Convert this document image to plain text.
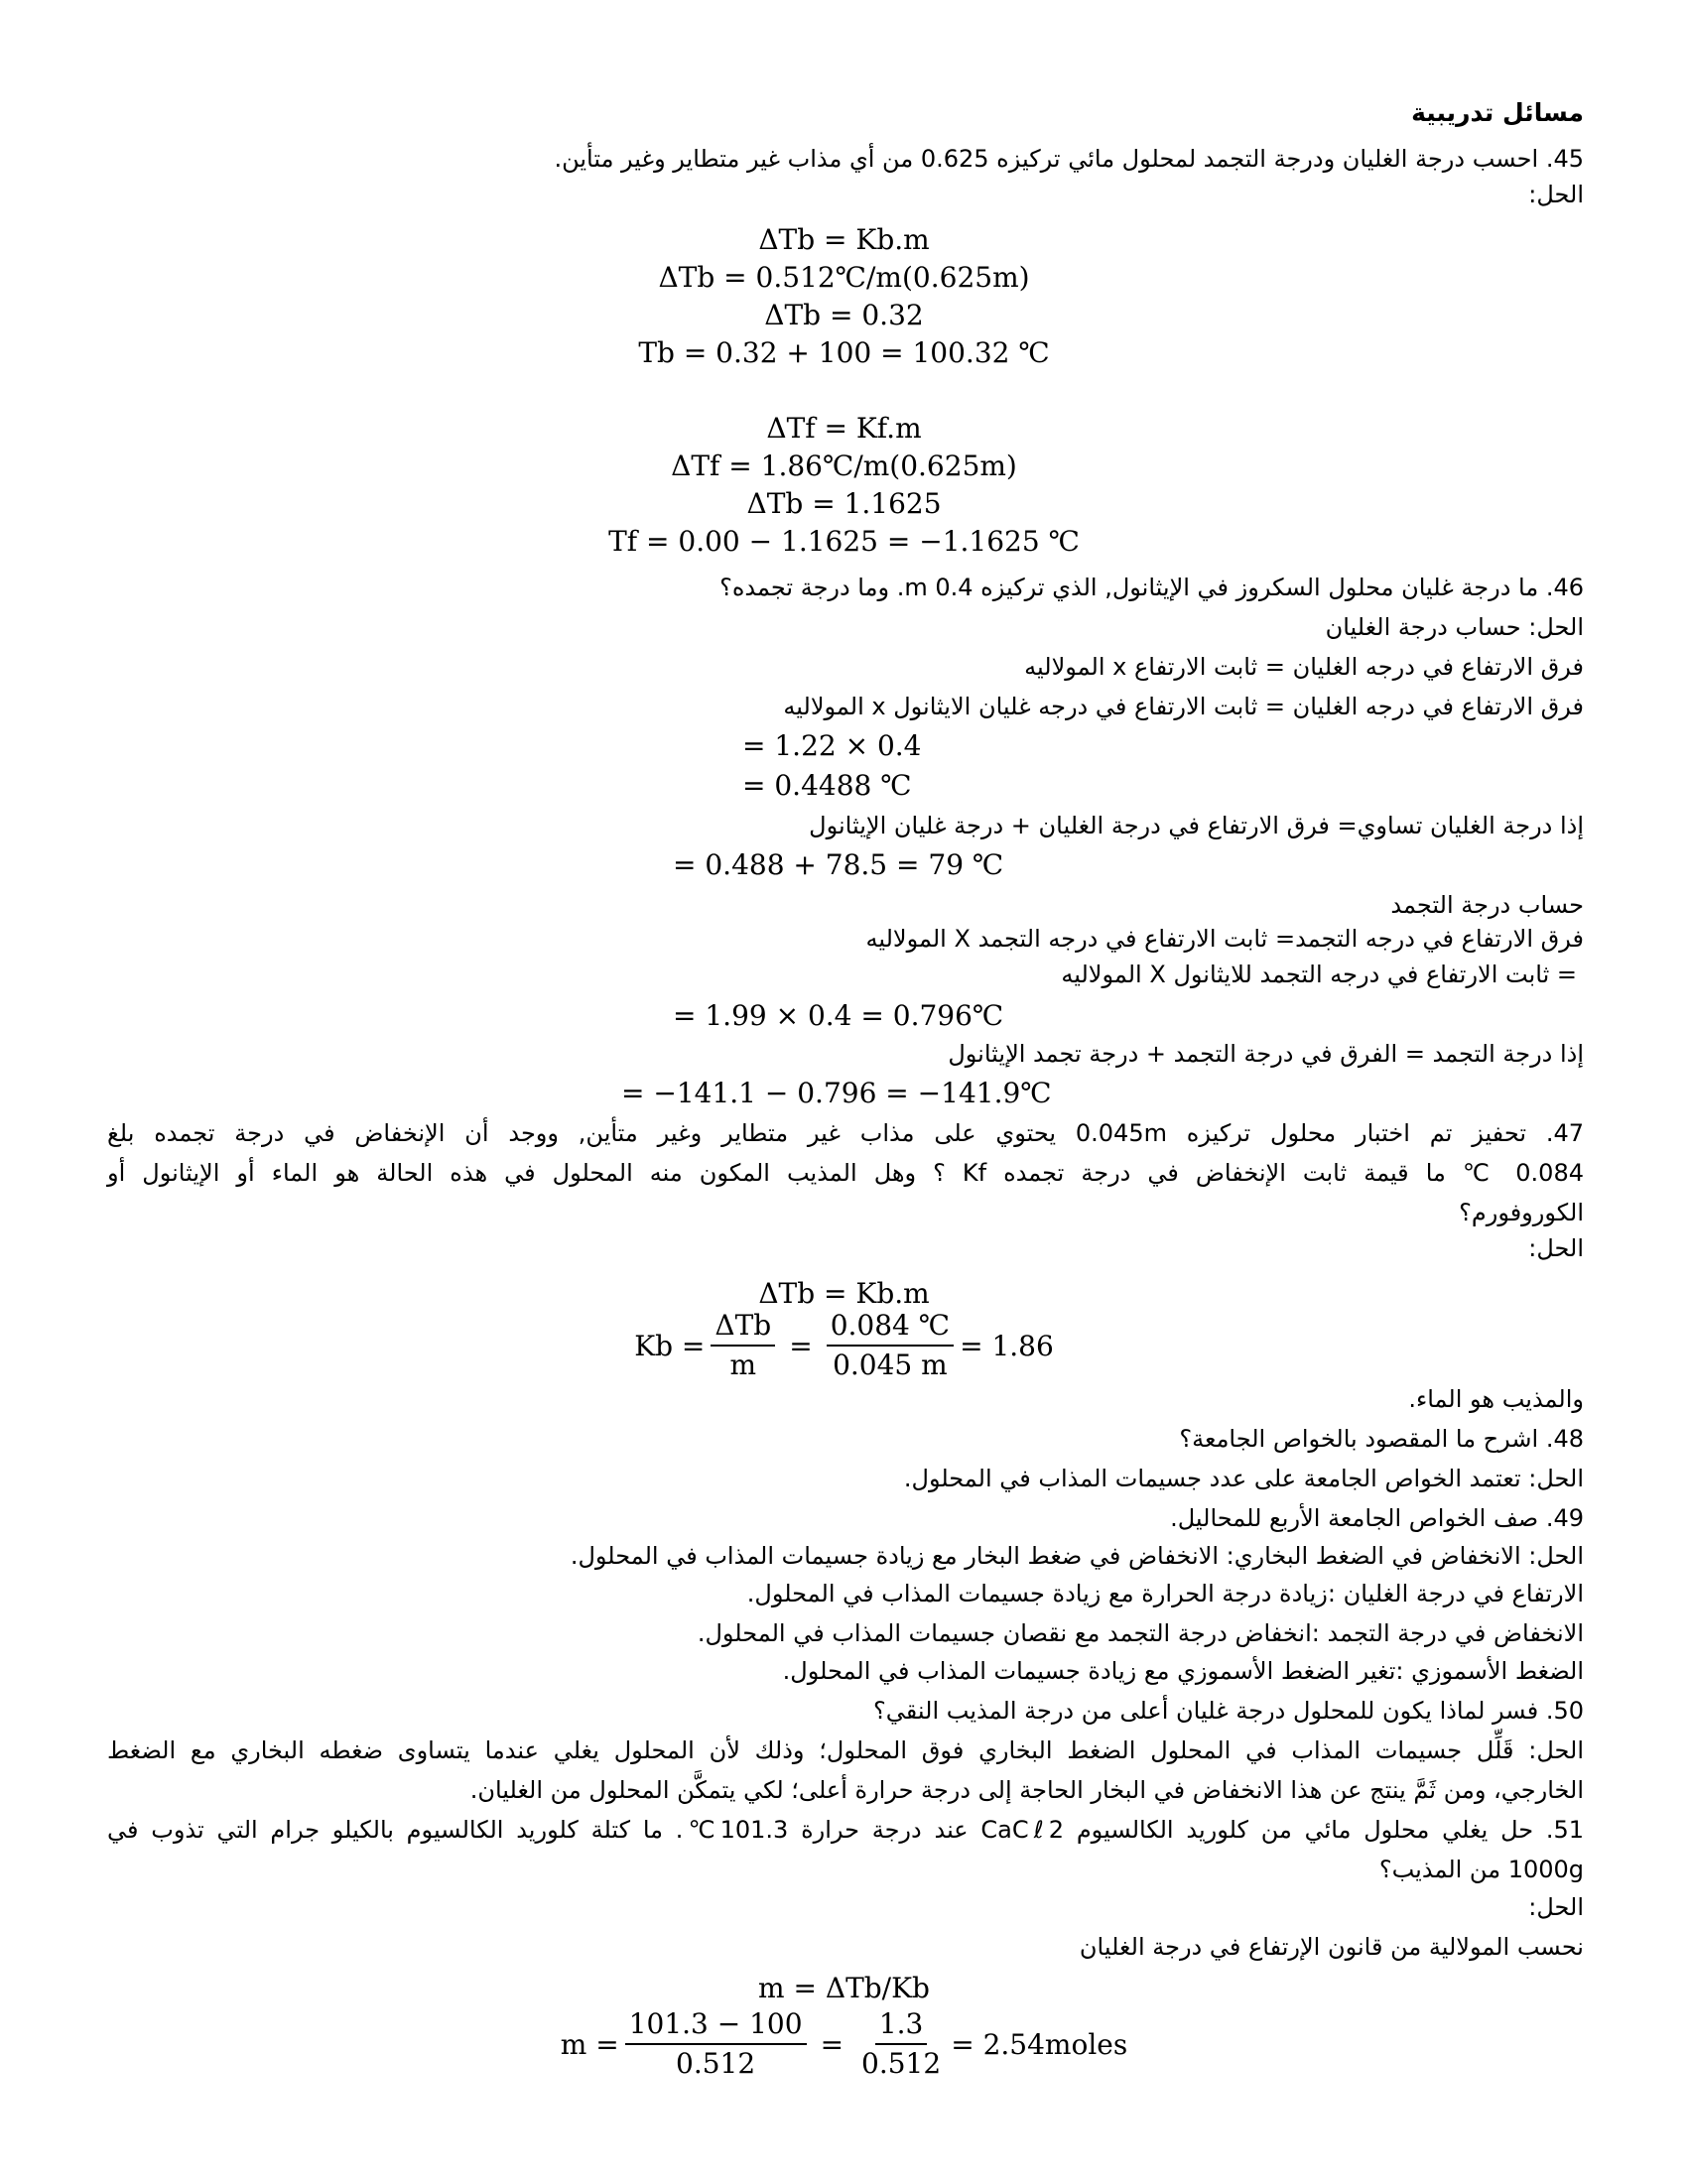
مسائل تدريبية
45. احسب درجة الغليان ودرجة التجمد لمحلول مائي تركيزه 0.625 من أي مذاب غير متطاير وغير متأين.
الحل:
ΔTb = Kb.m
ΔTb = 0.512℃/m(0.625m)
ΔTb = 0.32
Tb = 0.32 + 100 = 100.32 ℃
ΔTf = Kf.m
ΔTf = 1.86℃/m(0.625m)
ΔTb = 1.1625
Tf = 0.00 − 1.1625 = −1.1625 ℃
46. ما درجة غليان محلول السكروز في الإيثانول, الذي تركيزه 0.4 m. وما درجة تجمده؟
الحل: حساب درجة الغليان
فرق الارتفاع في درجه الغليان = ثابت الارتفاع x المولاليه
فرق الارتفاع في درجه الغليان = ثابت الارتفاع في درجه غليان الايثانول x المولاليه
= 1.22 × 0.4
= 0.4488 ℃
إذا درجة الغليان تساوي= فرق الارتفاع في درجة الغليان + درجة غليان الإيثانول
= 0.488 + 78.5 = 79 ℃
حساب درجة التجمد
فرق الارتفاع في درجه التجمد= ثابت الارتفاع في درجه التجمد X المولاليه
= ثابت الارتفاع في درجه التجمد للايثانول X المولاليه
= 1.99 × 0.4 = 0.796℃
إذا درجة التجمد = الفرق في درجة التجمد + درجة تجمد الإيثانول
= −141.1 − 0.796 = −141.9℃
47. تحفيز تم اختبار محلول تركيزه 0.045m يحتوي على مذاب غير متطاير وغير متأين, ووجد أن الإنخفاض في درجة تجمده بلغ
0.084 ℃ ما قيمة ثابت الإنخفاض في درجة تجمده Kf ؟ وهل المذيب المكون منه المحلول في هذه الحالة هو الماء أو الإيثانول أو
الكوروفورم؟
الحل:
ΔTb = Kb.m
$Kb = \frac{\text{ΔTb}}{m} = \frac{0.084 ℃}{0.045 m} = 1.86$
والمذيب هو الماء.
48. اشرح ما المقصود بالخواص الجامعة؟
الحل: تعتمد الخواص الجامعة على عدد جسيمات المذاب في المحلول.
49. صف الخواص الجامعة الأربع للمحاليل.
الحل: الانخفاض في الضغط البخاري: الانخفاض في ضغط البخار مع زيادة جسيمات المذاب في المحلول.
الارتفاع في درجة الغليان :زيادة درجة الحرارة مع زيادة جسيمات المذاب في المحلول.
الانخفاض في درجة التجمد :انخفاض درجة التجمد مع نقصان جسيمات المذاب في المحلول.
الضغط الأسموزي :تغير الضغط الأسموزي مع زيادة جسيمات المذاب في المحلول.
50. فسر لماذا يكون للمحلول درجة غليان أعلى من درجة المذيب النقي؟
الحل: قَلِّل جسيمات المذاب في المحلول الضغط البخاري فوق المحلول؛ وذلك لأن المحلول يغلي عندما يتساوى ضغطه البخاري مع الضغط
الخارجي، ومن ثَمَّ ينتج عن هذا الانخفاض في البخار الحاجة إلى درجة حرارة أعلى؛ لكي يتمكَّن المحلول من الغليان.
51. حل يغلي محلول مائي من كلوريد الكالسيوم CaCℓ2 عند درجة حرارة 101.3℃. ما كتلة كلوريد الكالسيوم بالكيلو جرام التي تذوب في
1000g من المذيب؟
الحل:
نحسب المولالية من قانون الإرتفاع في درجة الغليان
m = ΔTb/Kb
$m = \frac{101.3 - 100}{0.512} = \frac{1.3}{0.512}$ = 2.54moles
